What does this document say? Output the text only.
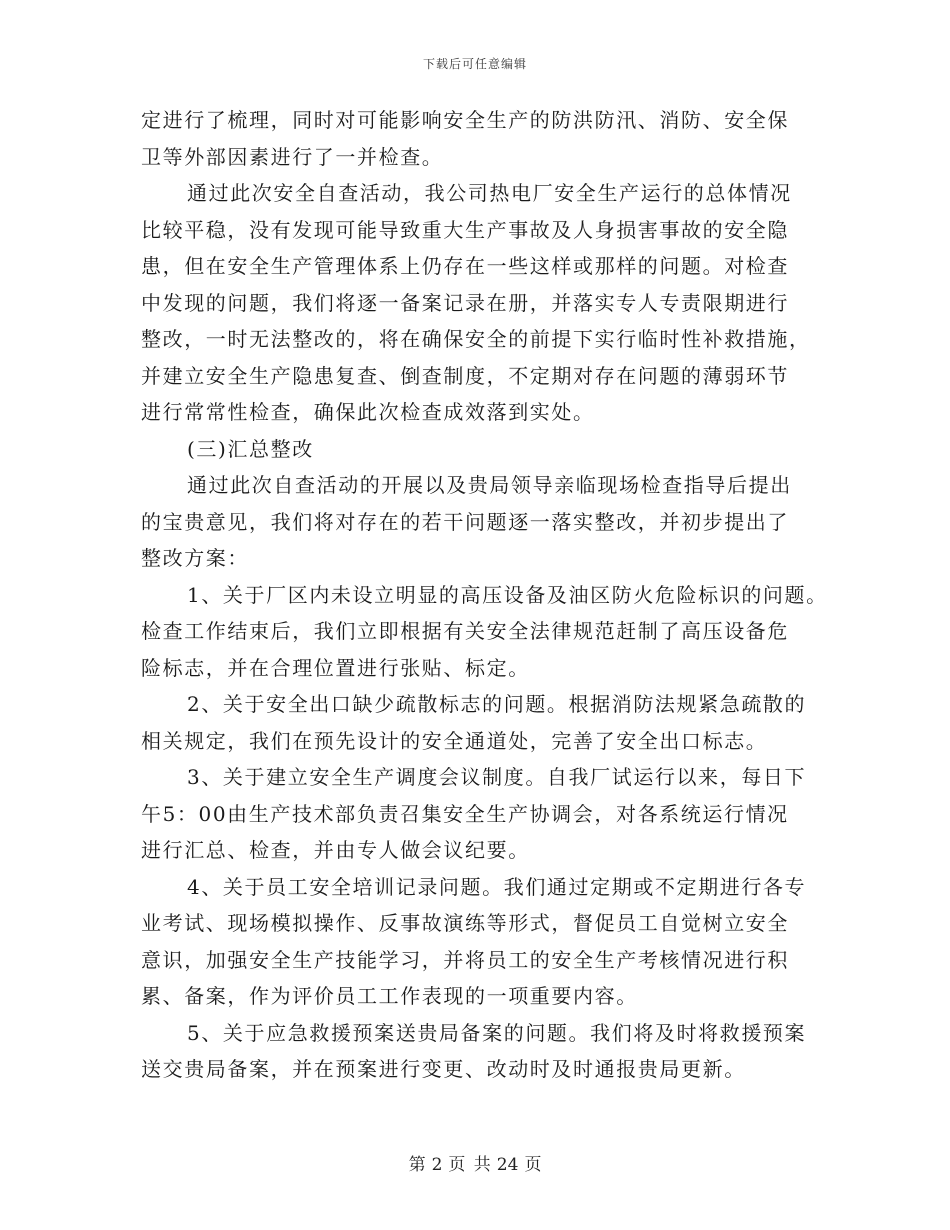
下载后可任意编辑
定进行了梳理，同时对可能影响安全生产的防洪防汛、消防、安全保
卫等外部因素进行了一并检查。
通过此次安全自查活动，我公司热电厂安全生产运行的总体情况
比较平稳，没有发现可能导致重大生产事故及人身损害事故的安全隐
患，但在安全生产管理体系上仍存在一些这样或那样的问题。对检查
中发现的问题，我们将逐一备案记录在册，并落实专人专责限期进行
整改，一时无法整改的，将在确保安全的前提下实行临时性补救措施，
并建立安全生产隐患复查、倒查制度，不定期对存在问题的薄弱环节
进行常常性检查，确保此次检查成效落到实处。
(三)汇总整改
通过此次自查活动的开展以及贵局领导亲临现场检查指导后提出
的宝贵意见，我们将对存在的若干问题逐一落实整改，并初步提出了
整改方案：
1、关于厂区内未设立明显的高压设备及油区防火危险标识的问题。
检查工作结束后，我们立即根据有关安全法律规范赶制了高压设备危
险标志，并在合理位置进行张贴、标定。
2、关于安全出口缺少疏散标志的问题。根据消防法规紧急疏散的
相关规定，我们在预先设计的安全通道处，完善了安全出口标志。
3、关于建立安全生产调度会议制度。自我厂试运行以来，每日下
午5：00由生产技术部负责召集安全生产协调会，对各系统运行情况
进行汇总、检查，并由专人做会议纪要。
4、关于员工安全培训记录问题。我们通过定期或不定期进行各专
业考试、现场模拟操作、反事故演练等形式，督促员工自觉树立安全
意识，加强安全生产技能学习，并将员工的安全生产考核情况进行积
累、备案，作为评价员工工作表现的一项重要内容。
5、关于应急救援预案送贵局备案的问题。我们将及时将救援预案
送交贵局备案，并在预案进行变更、改动时及时通报贵局更新。
第 2 页 共 24 页
